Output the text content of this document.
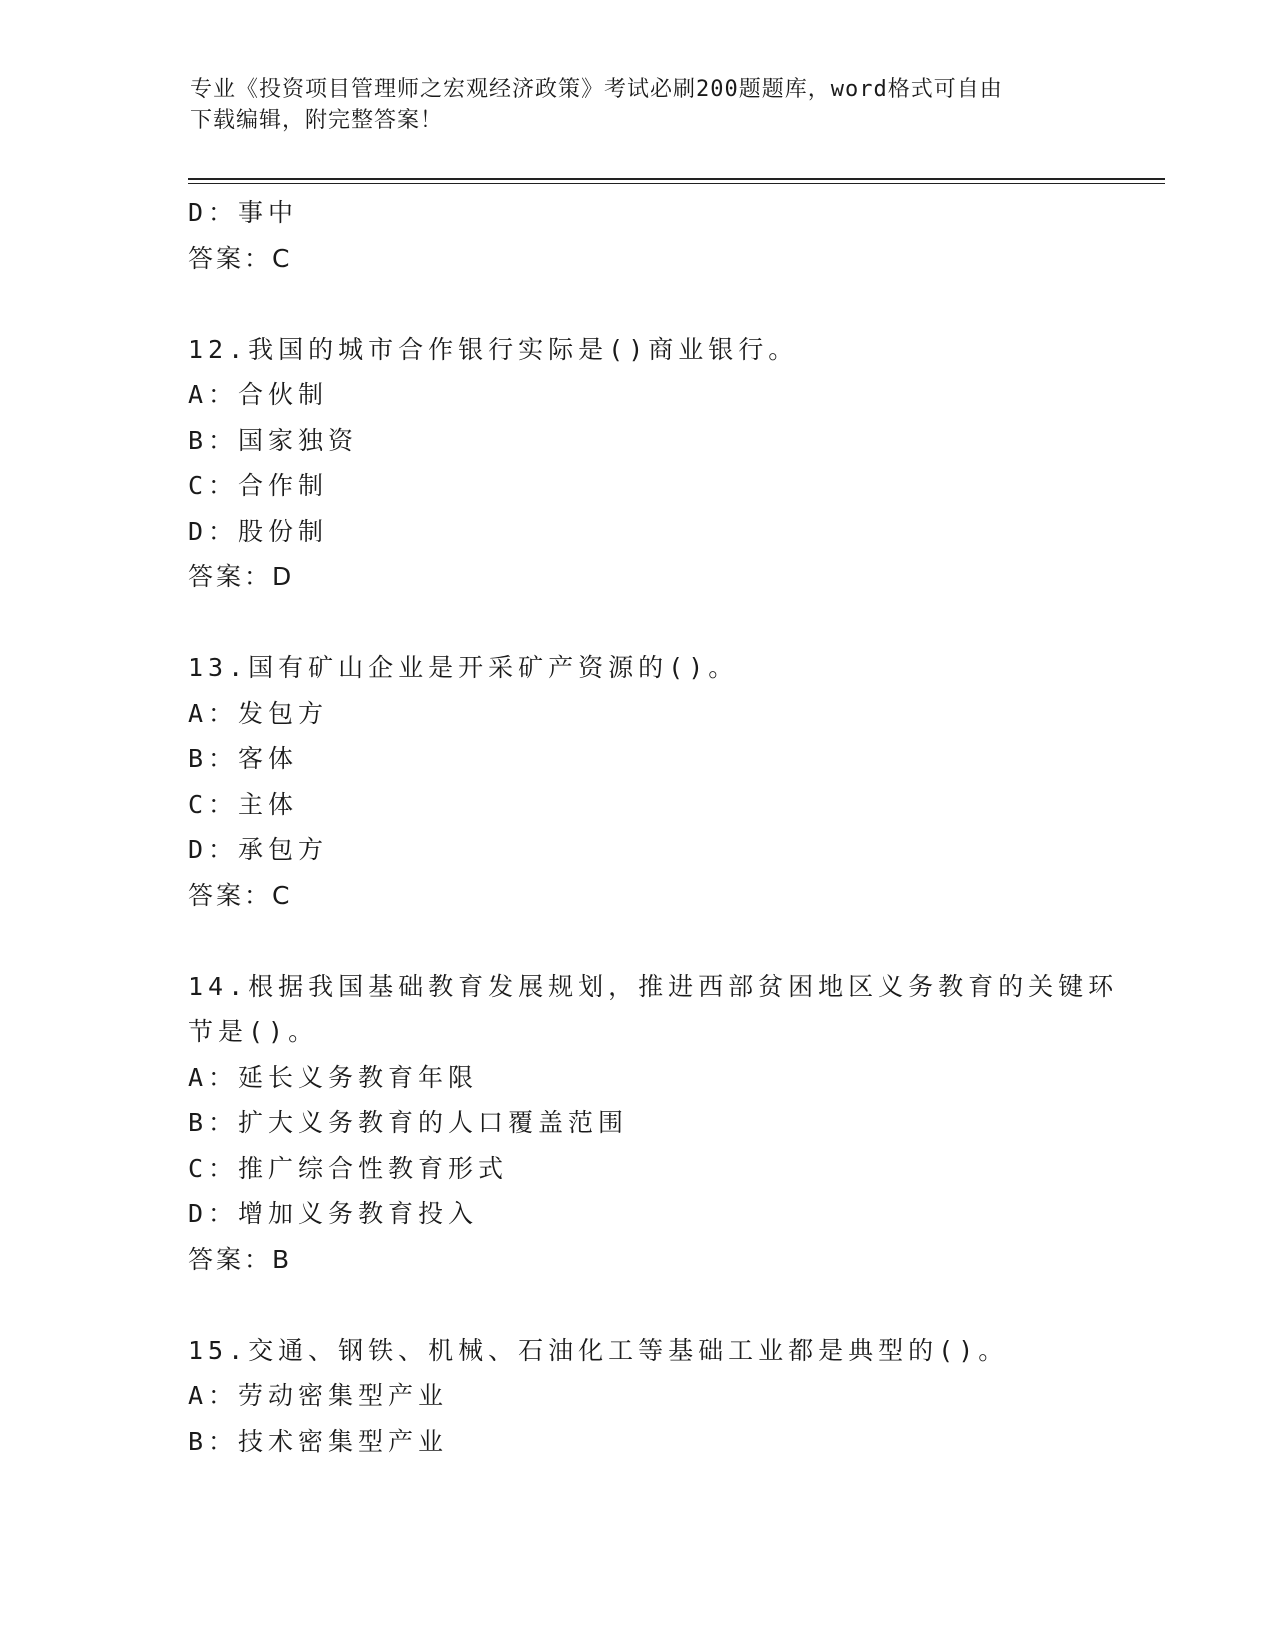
专业《投资项目管理师之宏观经济政策》考试必刷200题题库，word格式可自由
下载编辑，附完整答案！
D：事中
答案：C
12.我国的城市合作银行实际是()商业银行。
A：合伙制
B：国家独资
C：合作制
D：股份制
答案：D
13.国有矿山企业是开采矿产资源的()。
A：发包方
B：客体
C：主体
D：承包方
答案：C
14.根据我国基础教育发展规划，推进西部贫困地区义务教育的关键环
节是()。
A：延长义务教育年限
B：扩大义务教育的人口覆盖范围
C：推广综合性教育形式
D：增加义务教育投入
答案：B
15.交通、钢铁、机械、石油化工等基础工业都是典型的()。
A：劳动密集型产业
B：技术密集型产业
